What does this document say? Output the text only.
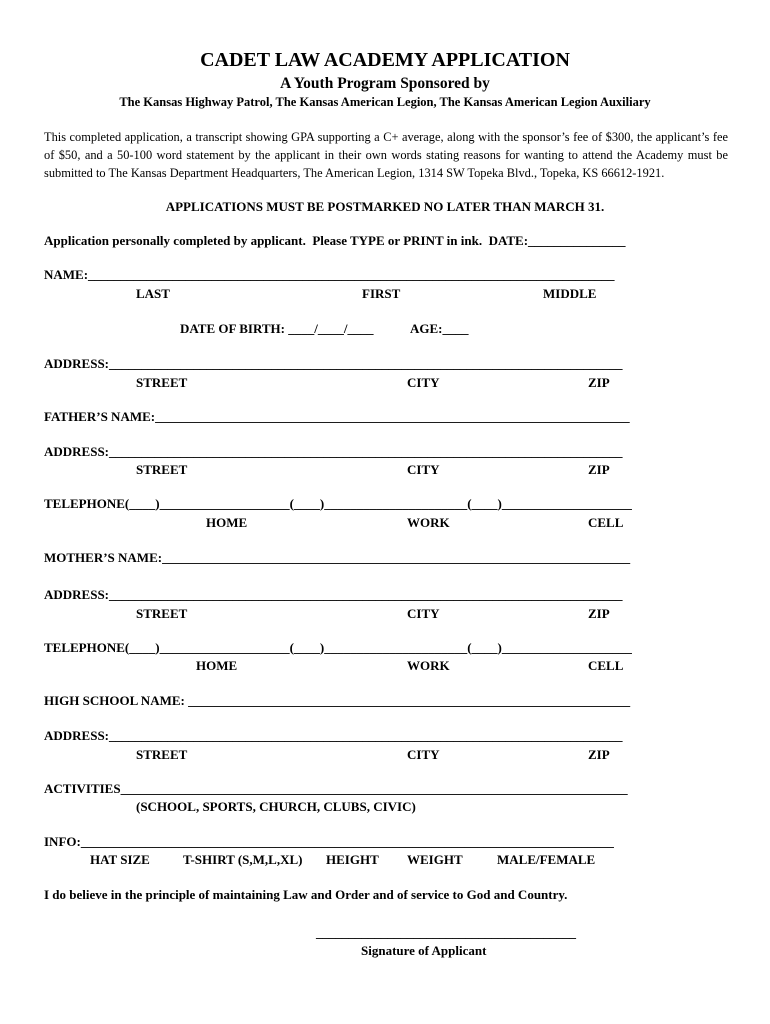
CADET LAW ACADEMY APPLICATION
A Youth Program Sponsored by
The Kansas Highway Patrol, The Kansas American Legion, The Kansas American Legion Auxiliary
This completed application, a transcript showing GPA supporting a C+ average, along with the sponsor’s fee of $300, the applicant’s fee of $50, and a 50-100 word statement by the applicant in their own words stating reasons for wanting to attend the Academy must be submitted to The Kansas Department Headquarters, The American Legion, 1314 SW Topeka Blvd., Topeka, KS 66612-1921.
APPLICATIONS MUST BE POSTMARKED NO LATER THAN MARCH 31.
Application personally completed by applicant.  Please TYPE or PRINT in ink.  DATE:_______________
NAME:_________________________________________________________________________________
LAST	FIRST	MIDDLE
DATE OF BIRTH: ____/____/____	AGE:____
ADDRESS:_______________________________________________________________________________
STREET	CITY	ZIP
FATHER’S NAME:_________________________________________________________________________
ADDRESS:_______________________________________________________________________________
STREET	CITY	ZIP
TELEPHONE(____)____________________(____)______________________(____)____________________
HOME	WORK	CELL
MOTHER’S NAME:________________________________________________________________________
ADDRESS:_______________________________________________________________________________
STREET	CITY	ZIP
TELEPHONE(____)____________________(____)______________________(____)____________________
HOME	WORK	CELL
HIGH SCHOOL NAME: ____________________________________________________________________
ADDRESS:_______________________________________________________________________________
STREET	CITY	ZIP
ACTIVITIES______________________________________________________________________________
(SCHOOL, SPORTS, CHURCH, CLUBS, CIVIC)
INFO:__________________________________________________________________________________
HAT SIZE	T-SHIRT (S,M,L,XL) HEIGHT WEIGHT	MALE/FEMALE
I do believe in the principle of maintaining Law and Order and of service to God and Country.
________________________________________
Signature of Applicant
